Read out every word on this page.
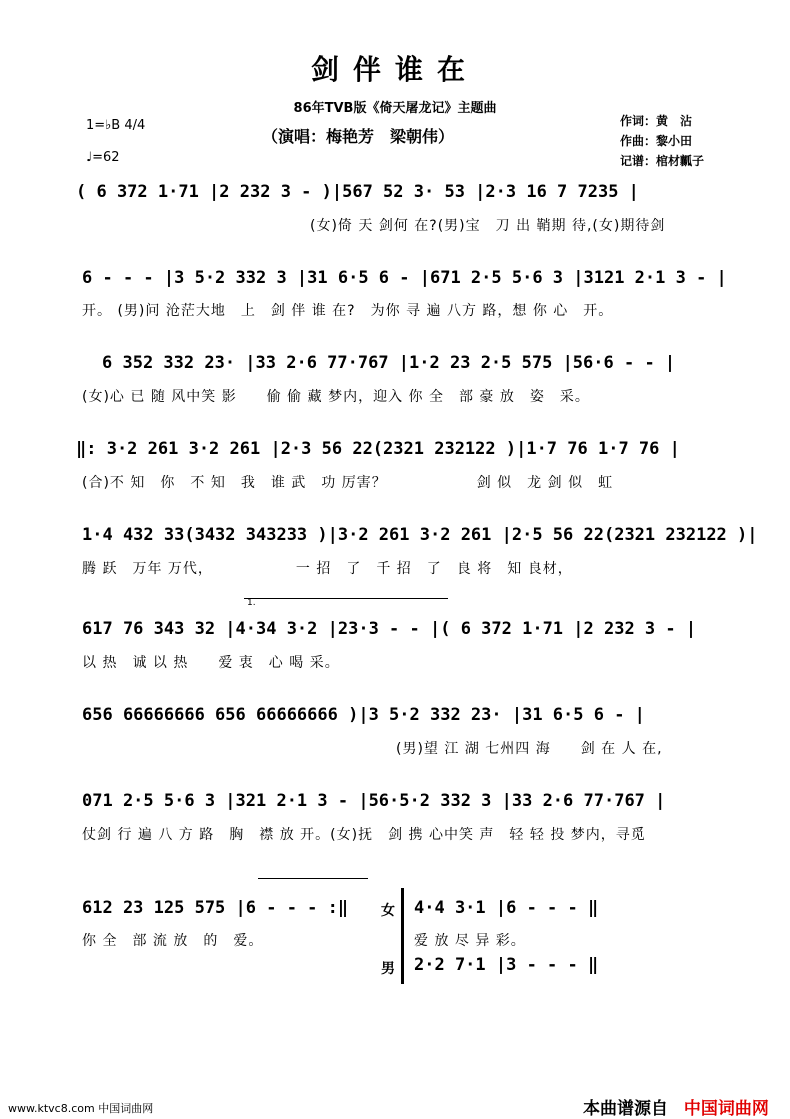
剑伴谁在
86年TVB版《倚天屠龙记》主题曲
（演唱：梅艳芳　梁朝伟）
作词：黄　沾
作曲：黎小田
记谱：棺材瓤子
1=♭B 4/4
♩=62
( 6 372 1·71 |2 232 3 - )|567 52 3· 53 |2·3 16 7 7235 |
(女)倚 天 剑何 在?(男)宝　刀 出 鞘期 待,(女)期待剑
6 - - - |3 5·2 332 3 |31 6·5 6 - |671 2·5 5·6 3 |3121 2·1 3 - |
开。 (男)问 沧茫大地　上　剑 伴 谁 在?　为你 寻 遍 八方 路，想 你 心　开。
6 352 332 23· |33 2·6 77·767 |1·2 23 2·5 575 |56·6 - - |
(女)心 已 随 风中笑 影　　偷 偷 藏 梦内，迎入 你 全　部 豪 放　姿　采。
‖: 3·2 261 3·2 261 |2·3 56 22(2321 232122 )|1·7 76 1·7 76 |
(合)不 知　你　不 知　我　谁 武　功 厉害？　　　　　　剑 似　龙 剑 似　虹
1·4 432 33(3432 343233 )|3·2 261 3·2 261 |2·5 56 22(2321 232122 )|
腾 跃　万年 万代，　　　　　　一 招　了　千 招　了　良 将　知 良材，
1.
617 76 343 32 |4·34 3·2 |23·3 - - |( 6 372 1·71 |2 232 3 - |
以 热　诚 以 热　　爱 衷　心 喝 采。
656 66666666 656 66666666 )|3 5·2 332 23· |31 6·5 6 - |
(男)望 江 湖 七州四 海　　剑 在 人 在,
071 2·5 5·6 3 |321 2·1 3 - |56·5·2 332 3 |33 2·6 77·767 |
仗剑 行 遍 八 方 路　胸　襟 放 开。(女)抚　剑 携 心中笑 声　轻 轻 投 梦内，寻觅
612 23 125 575 |6 - - - :‖
你 全　部 流 放　的　爱。
女
男
4·4 3·1 |6 - - - ‖
爱 放 尽 异 彩。
2·2 7·1 |3 - - - ‖
www.ktvc8.com 中国词曲网	本曲谱源自 中国词曲网
